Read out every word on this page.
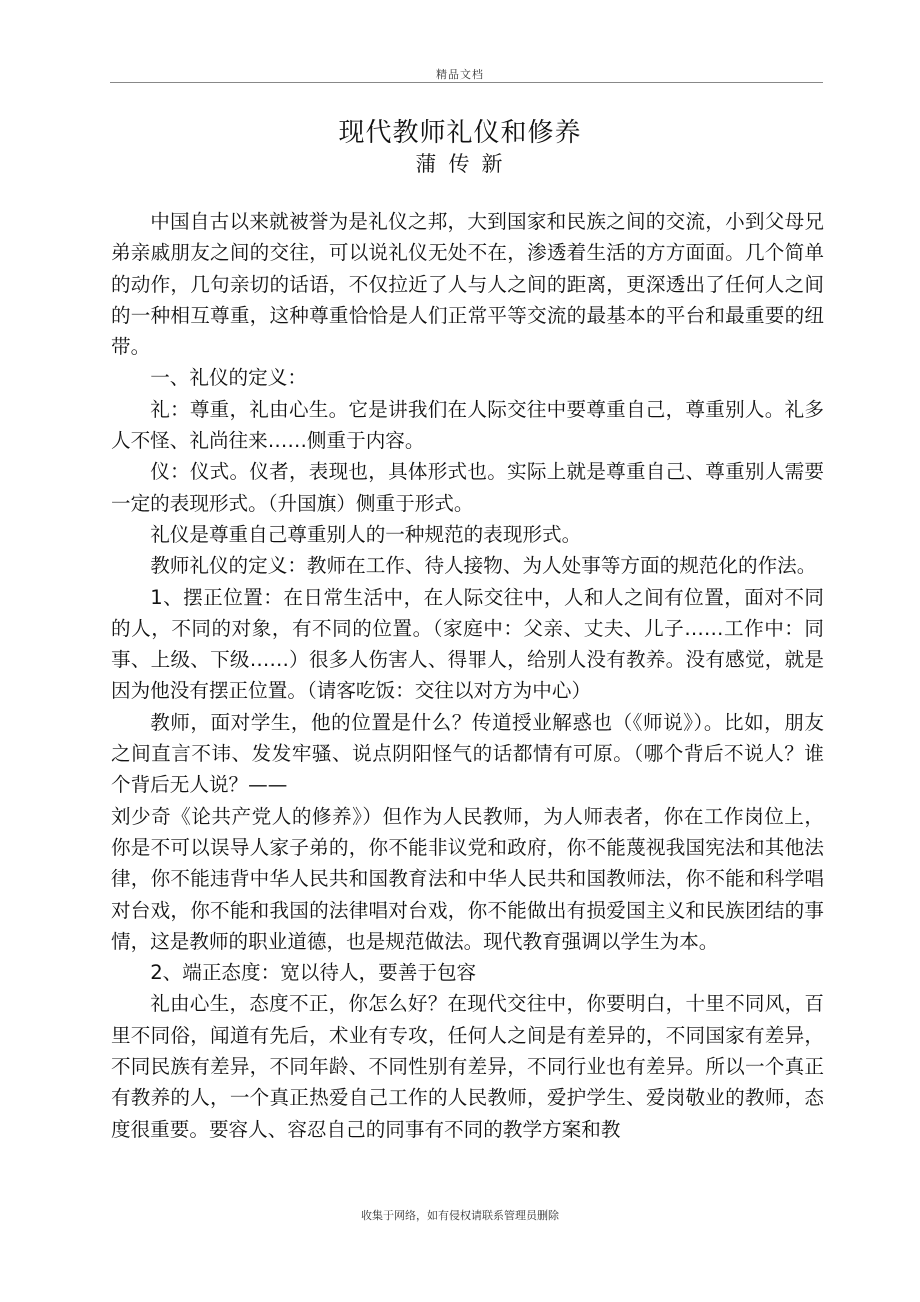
精品文档
现代教师礼仪和修养
蒲传新

中国自古以来就被誉为是礼仪之邦，大到国家和民族之间的交流，小到父母兄弟亲戚朋友之间的交往，可以说礼仪无处不在，渗透着生活的方方面面。几个简单的动作，几句亲切的话语，不仅拉近了人与人之间的距离，更深透出了任何人之间的一种相互尊重，这种尊重恰恰是人们正常平等交流的最基本的平台和最重要的纽带。

一、礼仪的定义：

礼：尊重，礼由心生。它是讲我们在人际交往中要尊重自己，尊重别人。礼多人不怪、礼尚往来……侧重于内容。

仪：仪式。仪者，表现也，具体形式也。实际上就是尊重自己、尊重别人需要一定的表现形式。（升国旗）侧重于形式。

礼仪是尊重自己尊重别人的一种规范的表现形式。

教师礼仪的定义：教师在工作、待人接物、为人处事等方面的规范化的作法。

1、摆正位置：在日常生活中，在人际交往中，人和人之间有位置，面对不同的人，不同的对象，有不同的位置。（家庭中：父亲、丈夫、儿子……工作中：同事、上级、下级……）很多人伤害人、得罪人，给别人没有教养。没有感觉，就是因为他没有摆正位置。（请客吃饭：交往以对方为中心）

教师，面对学生，他的位置是什么？传道授业解惑也（《师说》）。比如，朋友之间直言不讳、发发牢骚、说点阴阳怪气的话都情有可原。（哪个背后不说人？谁个背后无人说？——

刘少奇《论共产党人的修养》）但作为人民教师，为人师表者，你在工作岗位上，你是不可以误导人家子弟的，你不能非议党和政府，你不能蔑视我国宪法和其他法律，你不能违背中华人民共和国教育法和中华人民共和国教师法，你不能和科学唱对台戏，你不能和我国的法律唱对台戏，你不能做出有损爱国主义和民族团结的事情，这是教师的职业道德，也是规范做法。现代教育强调以学生为本。

2、端正态度：宽以待人，要善于包容

礼由心生，态度不正，你怎么好？在现代交往中，你要明白，十里不同风，百里不同俗，闻道有先后，术业有专攻，任何人之间是有差异的，不同国家有差异，不同民族有差异，不同年龄、不同性别有差异，不同行业也有差异。所以一个真正有教养的人，一个真正热爱自己工作的人民教师，爱护学生、爱岗敬业的教师，态度很重要。要容人、容忍自己的同事有不同的教学方案和教

收集于网络，如有侵权请联系管理员删除
